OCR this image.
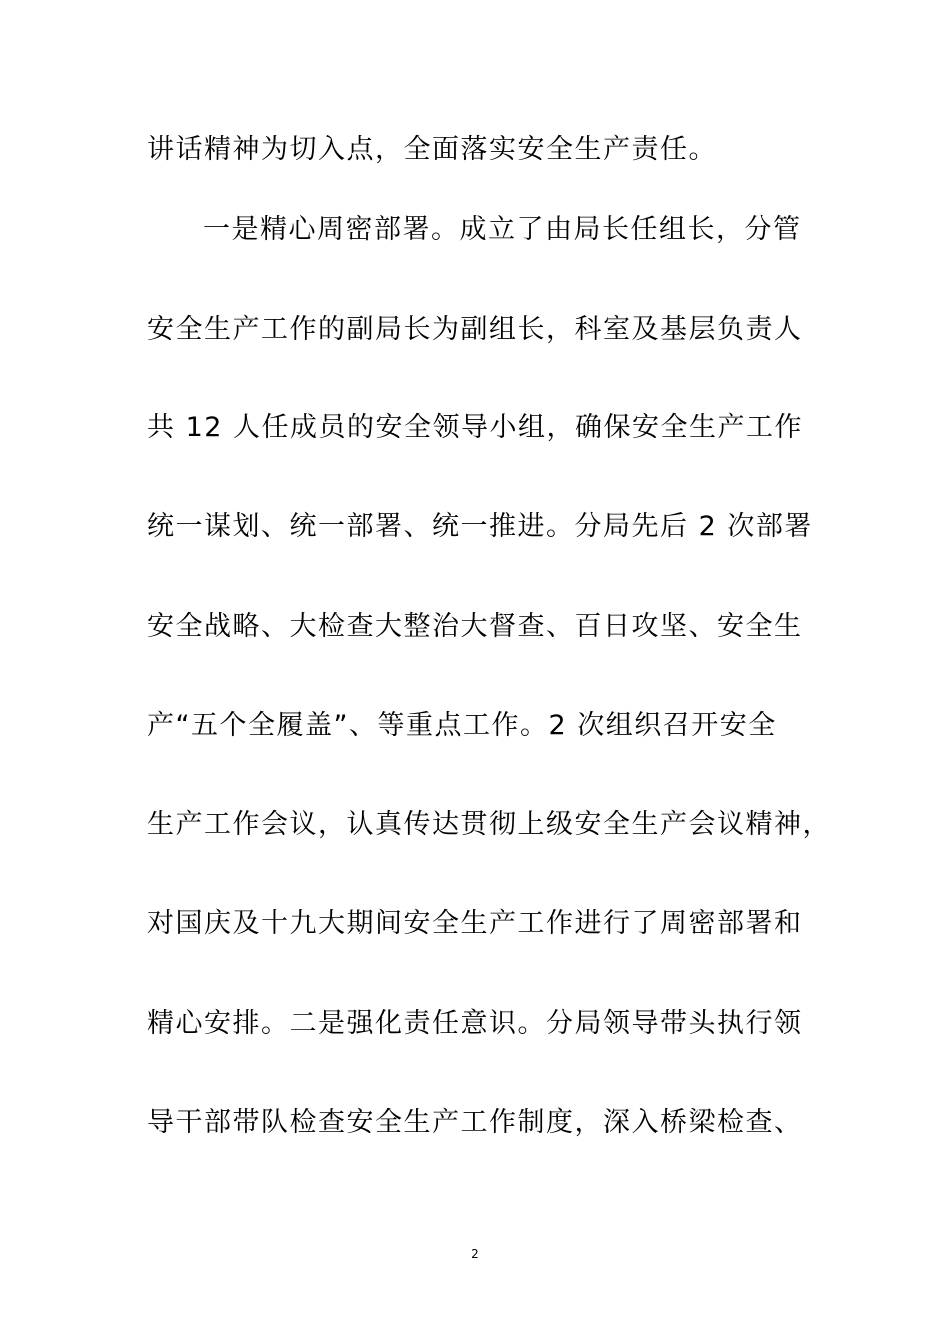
讲话精神为切入点，全面落实安全生产责任。
一是精心周密部署。成立了由局长任组长，分管
安全生产工作的副局长为副组长，科室及基层负责人
共 12 人任成员的安全领导小组，确保安全生产工作
统一谋划、统一部署、统一推进。分局先后 2 次部署
安全战略、大检查大整治大督查、百日攻坚、安全生
产“五个全履盖”、等重点工作。2 次组织召开安全
生产工作会议，认真传达贯彻上级安全生产会议精神，
对国庆及十九大期间安全生产工作进行了周密部署和
精心安排。二是强化责任意识。分局领导带头执行领
导干部带队检查安全生产工作制度，深入桥梁检查、
2
